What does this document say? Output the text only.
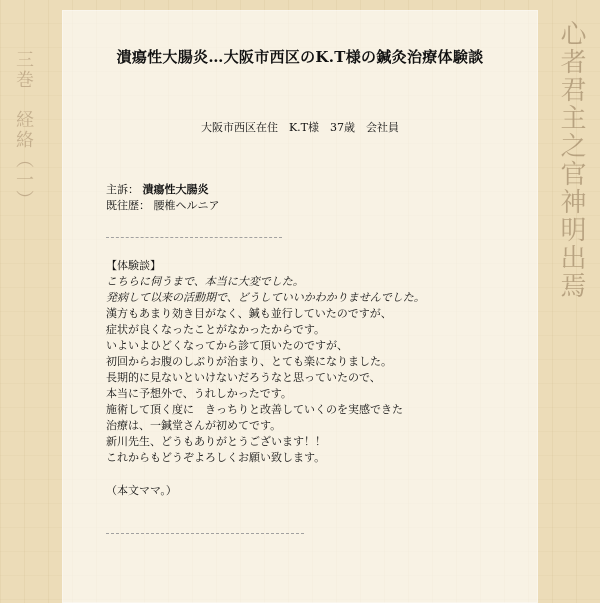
三巻　経絡（一）	心者君主之官神明出焉
潰瘍性大腸炎…大阪市西区のK.T様の鍼灸治療体験談
大阪市西区在住　K.T様　37歳　会社員
主訴： 潰瘍性大腸炎
既往歴： 腰椎ヘルニア
【体験談】
こちらに伺うまで、本当に大変でした。
発病して以来の活動期で、どうしていいかわかりませんでした。
漢方もあまり効き目がなく、鍼も並行していたのですが、
症状が良くなったことがなかったからです。
いよいよひどくなってから診て頂いたのですが、
初回からお腹のしぶりが治まり、とても楽になりました。
長期的に見ないといけないだろうなと思っていたので、
本当に予想外で、うれしかったです。
施術して頂く度に　きっちりと改善していくのを実感できた
治療は、一鍼堂さんが初めてです。
新川先生、どうもありがとうございます！！
これからもどうぞよろしくお願い致します。
（本文ママ。）
